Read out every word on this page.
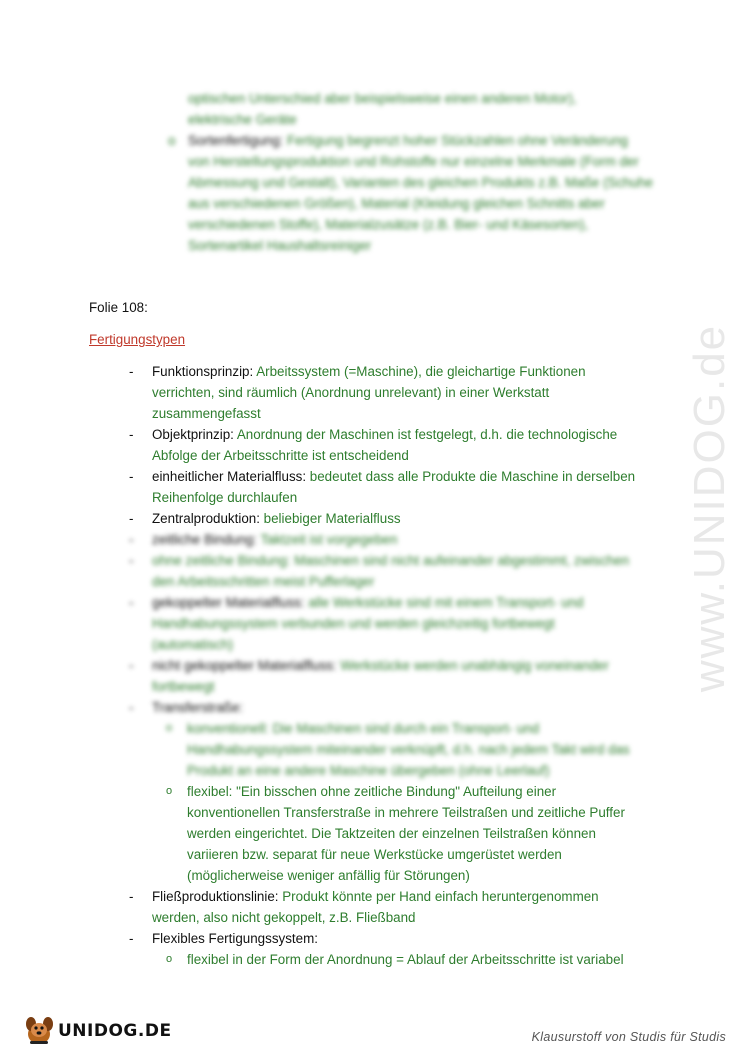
www.UNIDOG.de
optischen Unterschied aber beispielsweise einen anderen Motor),
elektrische Geräte
o Sortenfertigung: Fertigung begrenzt hoher Stückzahlen ohne Veränderung
von Herstellungsproduktion und Rohstoffe nur einzelne Merkmale (Form der
Abmessung und Gestalt), Varianten des gleichen Produkts z.B. Maße (Schuhe
aus verschiedenen Größen), Material (Kleidung gleichen Schnitts aber
verschiedenen Stoffe), Materialzusätze (z.B. Bier- und Käsesorten),
Sortenartikel Haushaltsreiniger
Folie 108:
Fertigungstypen
- Funktionsprinzip: Arbeitssystem (=Maschine), die gleichartige Funktionen
verrichten, sind räumlich (Anordnung unrelevant) in einer Werkstatt
zusammengefasst
- Objektprinzip: Anordnung der Maschinen ist festgelegt, d.h. die technologische
Abfolge der Arbeitsschritte ist entscheidend
- einheitlicher Materialfluss: bedeutet dass alle Produkte die Maschine in derselben
Reihenfolge durchlaufen
- Zentralproduktion: beliebiger Materialfluss
- zeitliche Bindung: Taktzeit ist vorgegeben
- ohne zeitliche Bindung: Maschinen sind nicht aufeinander abgestimmt, zwischen
den Arbeitsschritten meist Pufferlager
- gekoppelter Materialfluss: alle Werkstücke sind mit einem Transport- und
Handhabungssystem verbunden und werden gleichzeitig fortbewegt
(automatisch)
- nicht gekoppelter Materialfluss: Werkstücke werden unabhängig voneinander
fortbewegt
- Transferstraße:
o konventionell: Die Maschinen sind durch ein Transport- und
Handhabungssystem miteinander verknüpft, d.h. nach jedem Takt wird das
Produkt an eine andere Maschine übergeben (ohne Leerlauf)
o flexibel: "Ein bisschen ohne zeitliche Bindung" Aufteilung einer
konventionellen Transferstraße in mehrere Teilstraßen und zeitliche Puffer
werden eingerichtet. Die Taktzeiten der einzelnen Teilstraßen können
variieren bzw. separat für neue Werkstücke umgerüstet werden
(möglicherweise weniger anfällig für Störungen)
- Fließproduktionslinie: Produkt könnte per Hand einfach heruntergenommen
werden, also nicht gekoppelt, z.B. Fließband
- Flexibles Fertigungssystem:
o flexibel in der Form der Anordnung = Ablauf der Arbeitsschritte ist variabel
UNIDOG.DE	Klausurstoff von Studis für Studis
